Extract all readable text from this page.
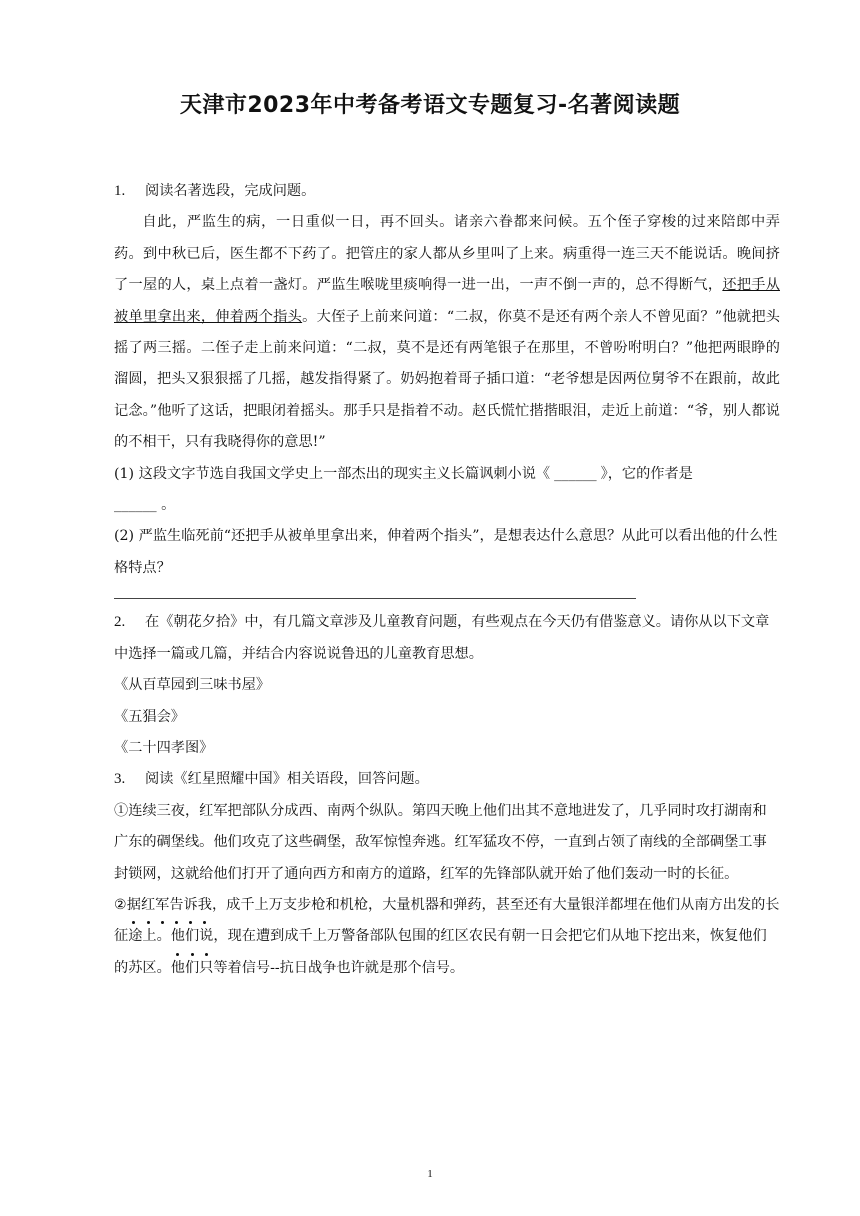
天津市2023年中考备考语文专题复习-名著阅读题

1. 阅读名著选段，完成问题。

自此，严监生的病，一日重似一日，再不回头。诸亲六眷都来问候。五个侄子穿梭的过来陪郎中弄药。到中秋已后，医生都不下药了。把管庄的家人都从乡里叫了上来。病重得一连三天不能说话。晚间挤了一屋的人，桌上点着一盏灯。严监生喉咙里痰响得一进一出，一声不倒一声的，总不得断气，还把手从被单里拿出来，伸着两个指头。大侄子上前来问道：“二叔，你莫不是还有两个亲人不曾见面？”他就把头摇了两三摇。二侄子走上前来问道：“二叔，莫不是还有两笔银子在那里，不曾吩咐明白？”他把两眼睁的溜圆，把头又狠狠摇了几摇，越发指得紧了。奶妈抱着哥子插口道：“老爷想是因两位舅爷不在跟前，故此记念。”他听了这话，把眼闭着摇头。那手只是指着不动。赵氏慌忙揩揩眼泪，走近上前道：“爷，别人都说的不相干，只有我晓得你的意思!”

(1) 这段文字节选自我国文学史上一部杰出的现实主义长篇讽刺小说《 ______ 》，它的作者是
______ 。

(2) 严监生临死前“还把手从被单里拿出来，伸着两个指头”，是想表达什么意思？从此可以看出他的什么性格特点？

2. 在《朝花夕拾》中，有几篇文章涉及儿童教育问题，有些观点在今天仍有借鉴意义。请你从以下文章中选择一篇或几篇，并结合内容说说鲁迅的儿童教育思想。

《从百草园到三味书屋》

《五猖会》

《二十四孝图》

3. 阅读《红星照耀中国》相关语段，回答问题。

①连续三夜，红军把部队分成西、南两个纵队。第四天晚上他们出其不意地进发了，几乎同时攻打湖南和广东的碉堡线。他们攻克了这些碉堡，敌军惊惶奔逃。红军猛攻不停，一直到占领了南线的全部碉堡工事封锁网，这就给他们打开了通向西方和南方的道路，红军的先锋部队就开始了他们轰动一时的长征。

②据红军告诉我，成千上万支步枪和机枪，大量机器和弹药，甚至还有大量银洋都埋在他们从南方出发的长征途上。他们说，现在遭到成千上万警备部队包围的红区农民有朝一日会把它们从地下挖出来，恢复他们的苏区。他们只等着信号--抗日战争也许就是那个信号。

1
